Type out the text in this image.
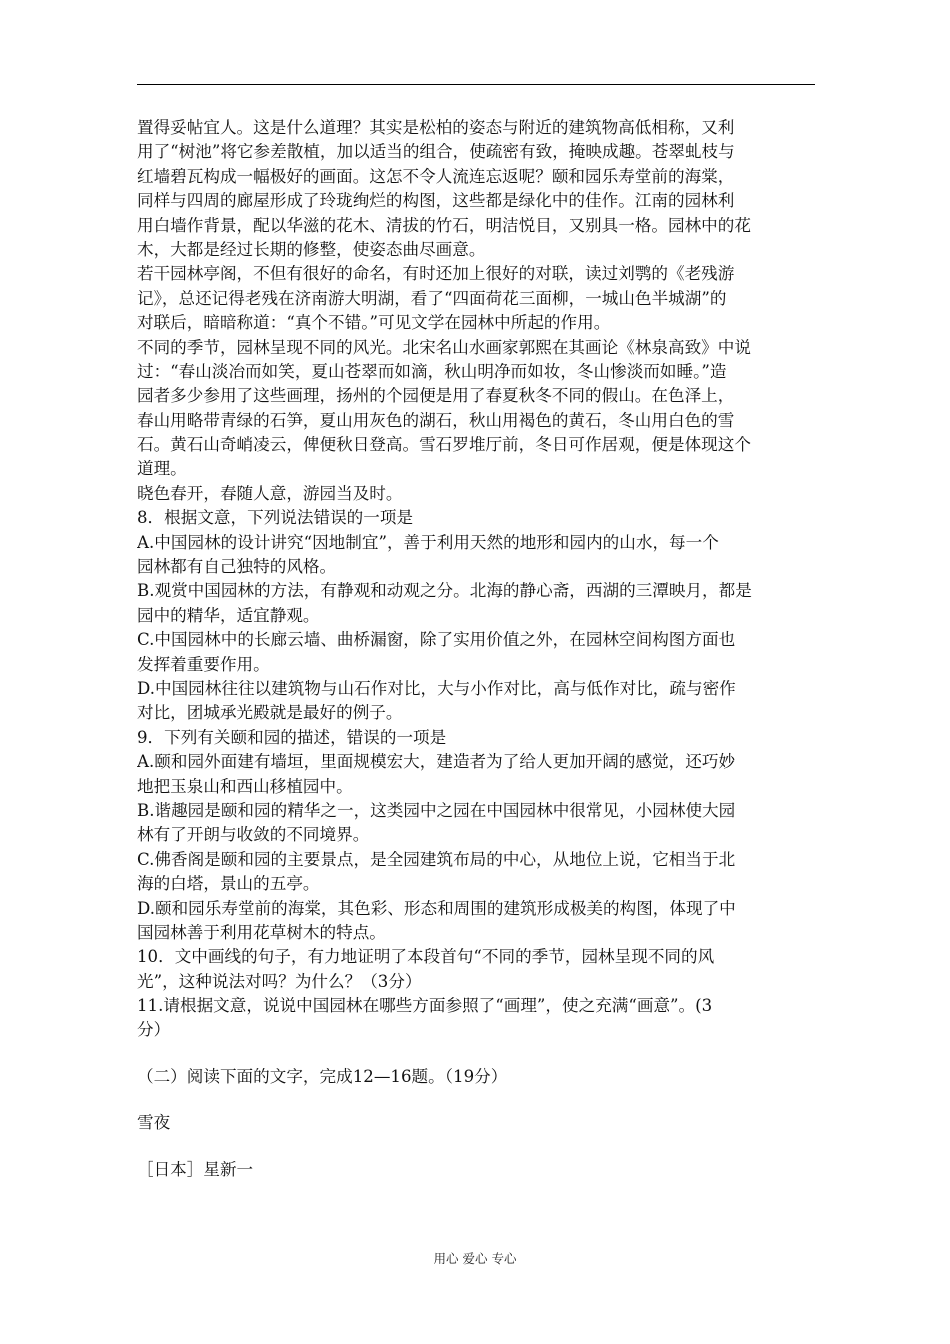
置得妥帖宜人。这是什么道理？其实是松柏的姿态与附近的建筑物高低相称，又利
用了“树池”将它参差散植，加以适当的组合，使疏密有致，掩映成趣。苍翠虬枝与
红墙碧瓦构成一幅极好的画面。这怎不令人流连忘返呢？颐和园乐寿堂前的海棠，
同样与四周的廊屋形成了玲珑绚烂的构图，这些都是绿化中的佳作。江南的园林利
用白墙作背景，配以华滋的花木、清拔的竹石，明洁悦目，又别具一格。园林中的花
木，大都是经过长期的修整，使姿态曲尽画意。
若干园林亭阁，不但有很好的命名，有时还加上很好的对联，读过刘鹗的《老残游
记》，总还记得老残在济南游大明湖，看了“四面荷花三面柳，一城山色半城湖”的
对联后，暗暗称道：“真个不错。”可见文学在园林中所起的作用。
不同的季节，园林呈现不同的风光。北宋名山水画家郭熙在其画论《林泉高致》中说
过：“春山淡冶而如笑，夏山苍翠而如滴，秋山明净而如妆，冬山惨淡而如睡。”造
园者多少参用了这些画理，扬州的个园便是用了春夏秋冬不同的假山。在色泽上，
春山用略带青绿的石笋，夏山用灰色的湖石，秋山用褐色的黄石，冬山用白色的雪
石。黄石山奇峭凌云，俾便秋日登高。雪石罗堆厅前，冬日可作居观，便是体现这个
道理。
晓色春开，春随人意，游园当及时。
8．根据文意，下列说法错误的一项是
A.中国园林的设计讲究“因地制宜”，善于利用天然的地形和园内的山水，每一个
园林都有自己独特的风格。
B.观赏中国园林的方法，有静观和动观之分。北海的静心斋，西湖的三潭映月，都是
园中的精华，适宜静观。
C.中国园林中的长廊云墙、曲桥漏窗，除了实用价值之外，在园林空间构图方面也
发挥着重要作用。
D.中国园林往往以建筑物与山石作对比，大与小作对比，高与低作对比，疏与密作
对比，团城承光殿就是最好的例子。
9．下列有关颐和园的描述，错误的一项是
A.颐和园外面建有墙垣，里面规模宏大，建造者为了给人更加开阔的感觉，还巧妙
地把玉泉山和西山移植园中。
B.谐趣园是颐和园的精华之一，这类园中之园在中国园林中很常见，小园林使大园
林有了开朗与收敛的不同境界。
C.佛香阁是颐和园的主要景点，是全园建筑布局的中心，从地位上说，它相当于北
海的白塔，景山的五亭。
D.颐和园乐寿堂前的海棠，其色彩、形态和周围的建筑形成极美的构图，体现了中
国园林善于利用花草树木的特点。
10．文中画线的句子，有力地证明了本段首句“不同的季节，园林呈现不同的风
光”，这种说法对吗？为什么？（3分）
11.请根据文意，说说中国园林在哪些方面参照了“画理”，使之充满“画意”。(3
分）
（二）阅读下面的文字，完成12—16题。（19分）
雪夜
［日本］星新一
用心 爱心 专心
